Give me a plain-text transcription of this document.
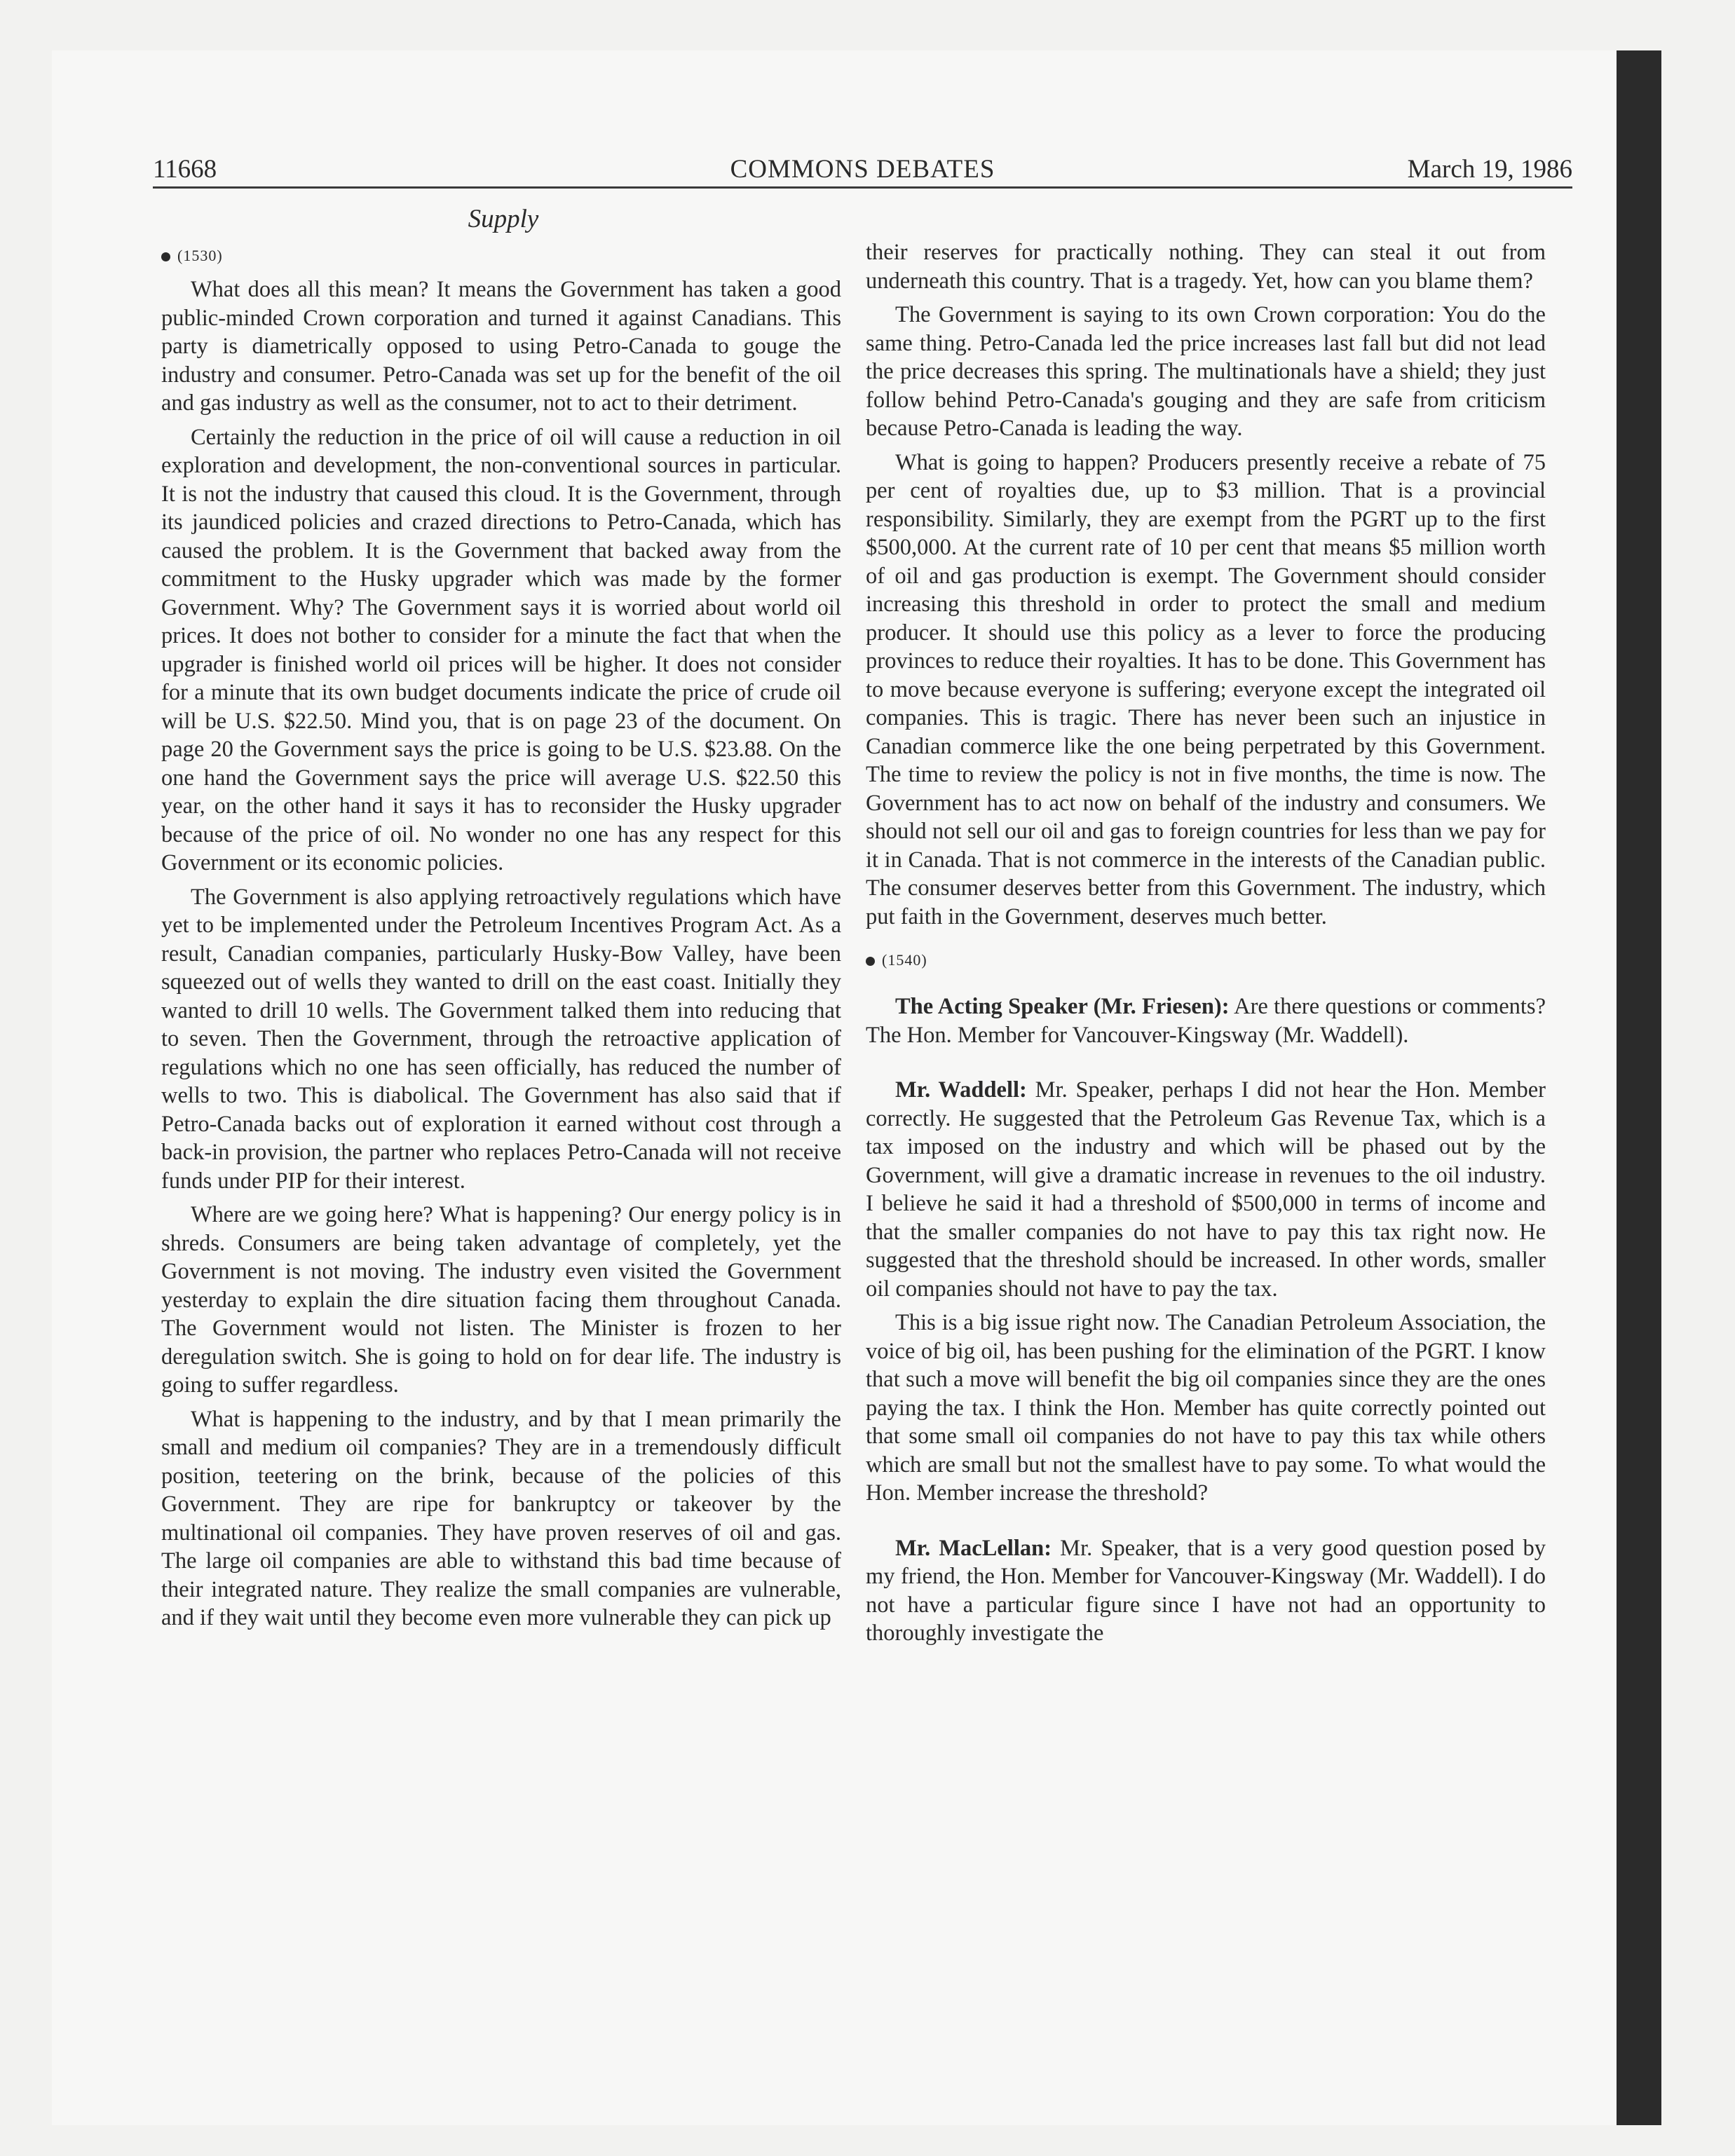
11668	COMMONS DEBATES	March 19, 1986
Supply
(1530)

What does all this mean? It means the Government has taken a good public-minded Crown corporation and turned it against Canadians. This party is diametrically opposed to using Petro-Canada to gouge the industry and consumer. Petro-Canada was set up for the benefit of the oil and gas industry as well as the consumer, not to act to their detriment.

Certainly the reduction in the price of oil will cause a reduction in oil exploration and development, the non-conventional sources in particular. It is not the industry that caused this cloud. It is the Government, through its jaundiced policies and crazed directions to Petro-Canada, which has caused the problem. It is the Government that backed away from the commitment to the Husky upgrader which was made by the former Government. Why? The Government says it is worried about world oil prices. It does not bother to consider for a minute the fact that when the upgrader is finished world oil prices will be higher. It does not consider for a minute that its own budget documents indicate the price of crude oil will be U.S. $22.50. Mind you, that is on page 23 of the document. On page 20 the Government says the price is going to be U.S. $23.88. On the one hand the Government says the price will average U.S. $22.50 this year, on the other hand it says it has to reconsider the Husky upgrader because of the price of oil. No wonder no one has any respect for this Government or its economic policies.

The Government is also applying retroactively regulations which have yet to be implemented under the Petroleum Incentives Program Act. As a result, Canadian companies, particularly Husky-Bow Valley, have been squeezed out of wells they wanted to drill on the east coast. Initially they wanted to drill 10 wells. The Government talked them into reducing that to seven. Then the Government, through the retroactive application of regulations which no one has seen officially, has reduced the number of wells to two. This is diabolical. The Government has also said that if Petro-Canada backs out of exploration it earned without cost through a back-in provision, the partner who replaces Petro-Canada will not receive funds under PIP for their interest.

Where are we going here? What is happening? Our energy policy is in shreds. Consumers are being taken advantage of completely, yet the Government is not moving. The industry even visited the Government yesterday to explain the dire situation facing them throughout Canada. The Government would not listen. The Minister is frozen to her deregulation switch. She is going to hold on for dear life. The industry is going to suffer regardless.

What is happening to the industry, and by that I mean primarily the small and medium oil companies? They are in a tremendously difficult position, teetering on the brink, because of the policies of this Government. They are ripe for bankruptcy or takeover by the multinational oil companies. They have proven reserves of oil and gas. The large oil companies are able to withstand this bad time because of their integrated nature. They realize the small companies are vulnerable, and if they wait until they become even more vulnerable they can pick up

their reserves for practically nothing. They can steal it out from underneath this country. That is a tragedy. Yet, how can you blame them?

The Government is saying to its own Crown corporation: You do the same thing. Petro-Canada led the price increases last fall but did not lead the price decreases this spring. The multinationals have a shield; they just follow behind Petro-Canada's gouging and they are safe from criticism because Petro-Canada is leading the way.

What is going to happen? Producers presently receive a rebate of 75 per cent of royalties due, up to $3 million. That is a provincial responsibility. Similarly, they are exempt from the PGRT up to the first $500,000. At the current rate of 10 per cent that means $5 million worth of oil and gas production is exempt. The Government should consider increasing this threshold in order to protect the small and medium producer. It should use this policy as a lever to force the producing provinces to reduce their royalties. It has to be done. This Government has to move because everyone is suffering; everyone except the integrated oil companies. This is tragic. There has never been such an injustice in Canadian commerce like the one being perpetrated by this Government. The time to review the policy is not in five months, the time is now. The Government has to act now on behalf of the industry and consumers. We should not sell our oil and gas to foreign countries for less than we pay for it in Canada. That is not commerce in the interests of the Canadian public. The consumer deserves better from this Government. The industry, which put faith in the Government, deserves much better.

(1540)

The Acting Speaker (Mr. Friesen): Are there questions or comments? The Hon. Member for Vancouver-Kingsway (Mr. Waddell).

Mr. Waddell: Mr. Speaker, perhaps I did not hear the Hon. Member correctly. He suggested that the Petroleum Gas Revenue Tax, which is a tax imposed on the industry and which will be phased out by the Government, will give a dramatic increase in revenues to the oil industry. I believe he said it had a threshold of $500,000 in terms of income and that the smaller companies do not have to pay this tax right now. He suggested that the threshold should be increased. In other words, smaller oil companies should not have to pay the tax.

This is a big issue right now. The Canadian Petroleum Association, the voice of big oil, has been pushing for the elimination of the PGRT. I know that such a move will benefit the big oil companies since they are the ones paying the tax. I think the Hon. Member has quite correctly pointed out that some small oil companies do not have to pay this tax while others which are small but not the smallest have to pay some. To what would the Hon. Member increase the threshold?

Mr. MacLellan: Mr. Speaker, that is a very good question posed by my friend, the Hon. Member for Vancouver-Kingsway (Mr. Waddell). I do not have a particular figure since I have not had an opportunity to thoroughly investigate the
